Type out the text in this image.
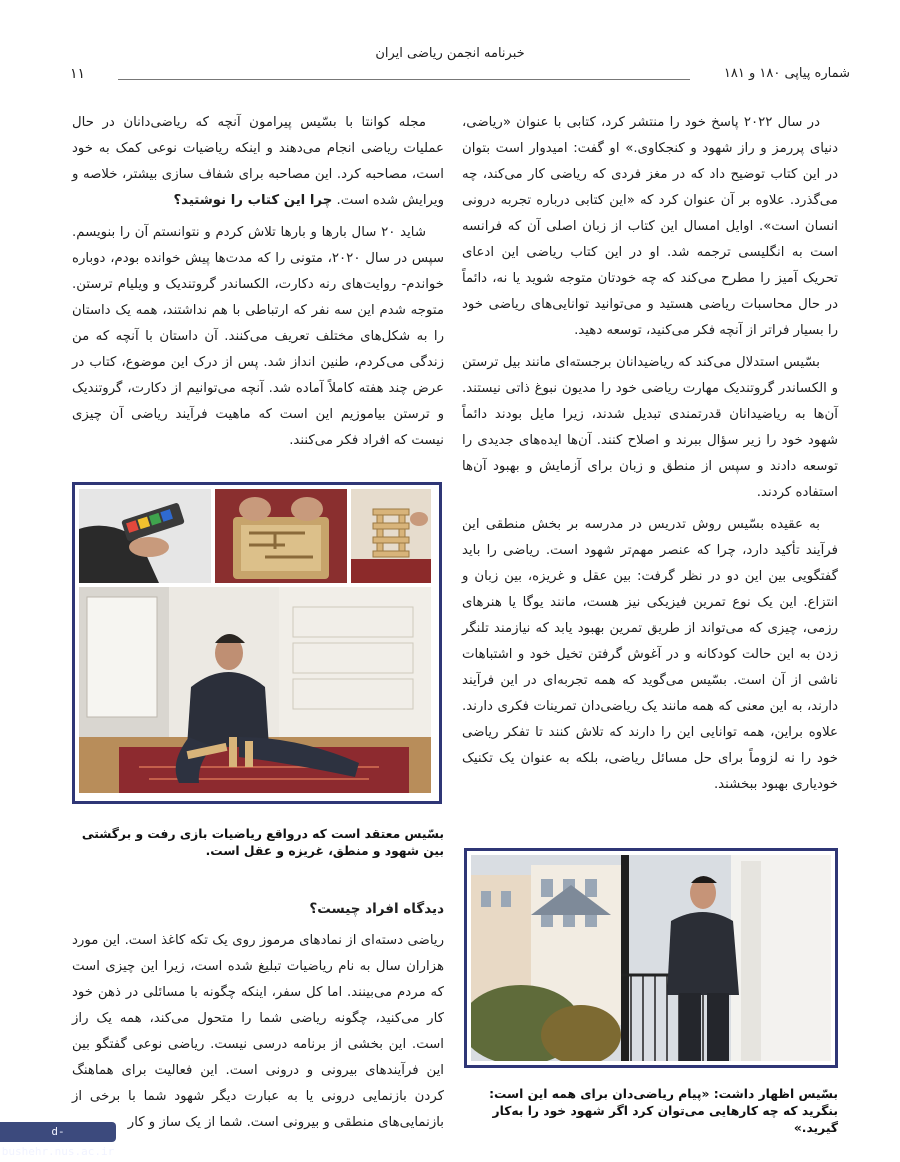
خبرنامه انجمن ریاضی ایران
شماره پیاپی ۱۸۰ و ۱۸۱
۱۱

در سال ۲۰۲۲ پاسخ خود را منتشر کرد، کتابی با عنوان «ریاضی، دنیای پررمز و راز شهود و کنجکاوی.» او گفت: امیدوار است بتوان در این کتاب توضیح داد که در مغز فردی که ریاضی کار می‌کند، چه می‌گذرد. علاوه بر آن عنوان کرد که «این کتابی درباره تجربه درونی انسان است». اوایل امسال این کتاب از زبان اصلی آن که فرانسه است به انگلیسی ترجمه شد. او در این کتاب ریاضی این ادعای تحریک آمیز را مطرح می‌کند که چه خودتان متوجه شوید یا نه، دائماً در حال محاسبات ریاضی هستید و می‌توانید توانایی‌های ریاضی خود را بسیار فراتر از آنچه فکر می‌کنید، توسعه دهید.

بسّیس استدلال می‌کند که ریاضیدانان برجسته‌ای مانند بیل ترستن و الکساندر گروتندیک مهارت ریاضی خود را مدیون نبوغ ذاتی نیستند. آن‌ها به ریاضیدانان قدرتمندی تبدیل شدند، زیرا مایل بودند دائماً شهود خود را زیر سؤال ببرند و اصلاح کنند. آن‌ها ایده‌های جدیدی را توسعه دادند و سپس از منطق و زبان برای آزمایش و بهبود آن‌ها استفاده کردند.

به عقیده بسّیس روش تدریس در مدرسه بر بخش منطقی این فرآیند تأکید دارد، چرا که عنصر مهم‌تر شهود است. ریاضی را باید گفتگویی بین این دو در نظر گرفت: بین عقل و غریزه، بین زبان و انتزاع. این یک نوع تمرین فیزیکی نیز هست، مانند یوگا یا هنرهای رزمی، چیزی که می‌تواند از طریق تمرین بهبود یابد که نیازمند تلنگر زدن به این حالت کودکانه و در آغوش گرفتن تخیل خود و اشتباهات ناشی از آن است. بسّیس می‌گوید که همه تجربه‌ای در این فرآیند دارند، به این معنی که همه مانند یک ریاضی‌دان تمرینات فکری دارند. علاوه براین، همه توانایی این را دارند که تلاش کنند تا تفکر ریاضی خود را نه لزوماً برای حل مسائل ریاضی، بلکه به عنوان یک تکنیک خودیاری بهبود ببخشند.

مجله کوانتا با بسّیس پیرامون آنچه که ریاضی‌دانان در حال عملیات ریاضی انجام می‌دهند و اینکه ریاضیات نوعی کمک به خود است، مصاحبه کرد. این مصاحبه برای شفاف سازی بیشتر، خلاصه و ویرایش شده است. چرا این کتاب را نوشتید؟

شاید ۲۰ سال بارها و بارها تلاش کردم و نتوانستم آن را بنویسم. سپس در سال ۲۰۲۰، متونی را که مدت‌ها پیش خوانده بودم، دوباره خواندم- روایت‌های رنه دکارت، الکساندر گروتندیک و ویلیام ترستن. متوجه شدم این سه نفر که ارتباطی با هم نداشتند، همه یک داستان را به شکل‌های مختلف تعریف می‌کنند. آن داستان با آنچه که من زندگی می‌کردم، طنین انداز شد. پس از درک این موضوع، کتاب در عرض چند هفته کاملاً آماده شد. آنچه می‌توانیم از دکارت، گروتندیک و ترستن بیاموزیم این است که ماهیت فرآیند ریاضی آن چیزی نیست که افراد فکر می‌کنند.

بسّیس معتقد است که درواقع ریاضیات بازی رفت و برگشتی بین شهود و منطق، غریزه و عقل است.

دیدگاه افراد چیست؟

ریاضی دسته‌ای از نمادهای مرموز روی یک تکه کاغذ است. این مورد هزاران سال به نام ریاضیات تبلیغ شده است، زیرا این چیزی است که مردم می‌بینند. اما کل سفر، اینکه چگونه با مسائلی در ذهن خود کار می‌کنید، چگونه ریاضی شما را متحول می‌کند، همه یک راز است. این بخشی از برنامه درسی نیست. ریاضی نوعی گفتگو بین این فرآیندهای بیرونی و درونی است. این فعالیت برای هماهنگ کردن بازنمایی درونی یا به عبارت دیگر شهود شما با برخی از بازنمایی‌های منطقی و بیرونی است. شما از یک ساز و کار

بسّیس اظهار داشت: «پیام ریاضی‌دان برای همه این است: بنگرید که چه کارهایی می‌توان کرد اگر شهود خود را به‌کار گیرید.»
d-bushehr.nus.ac.ir
